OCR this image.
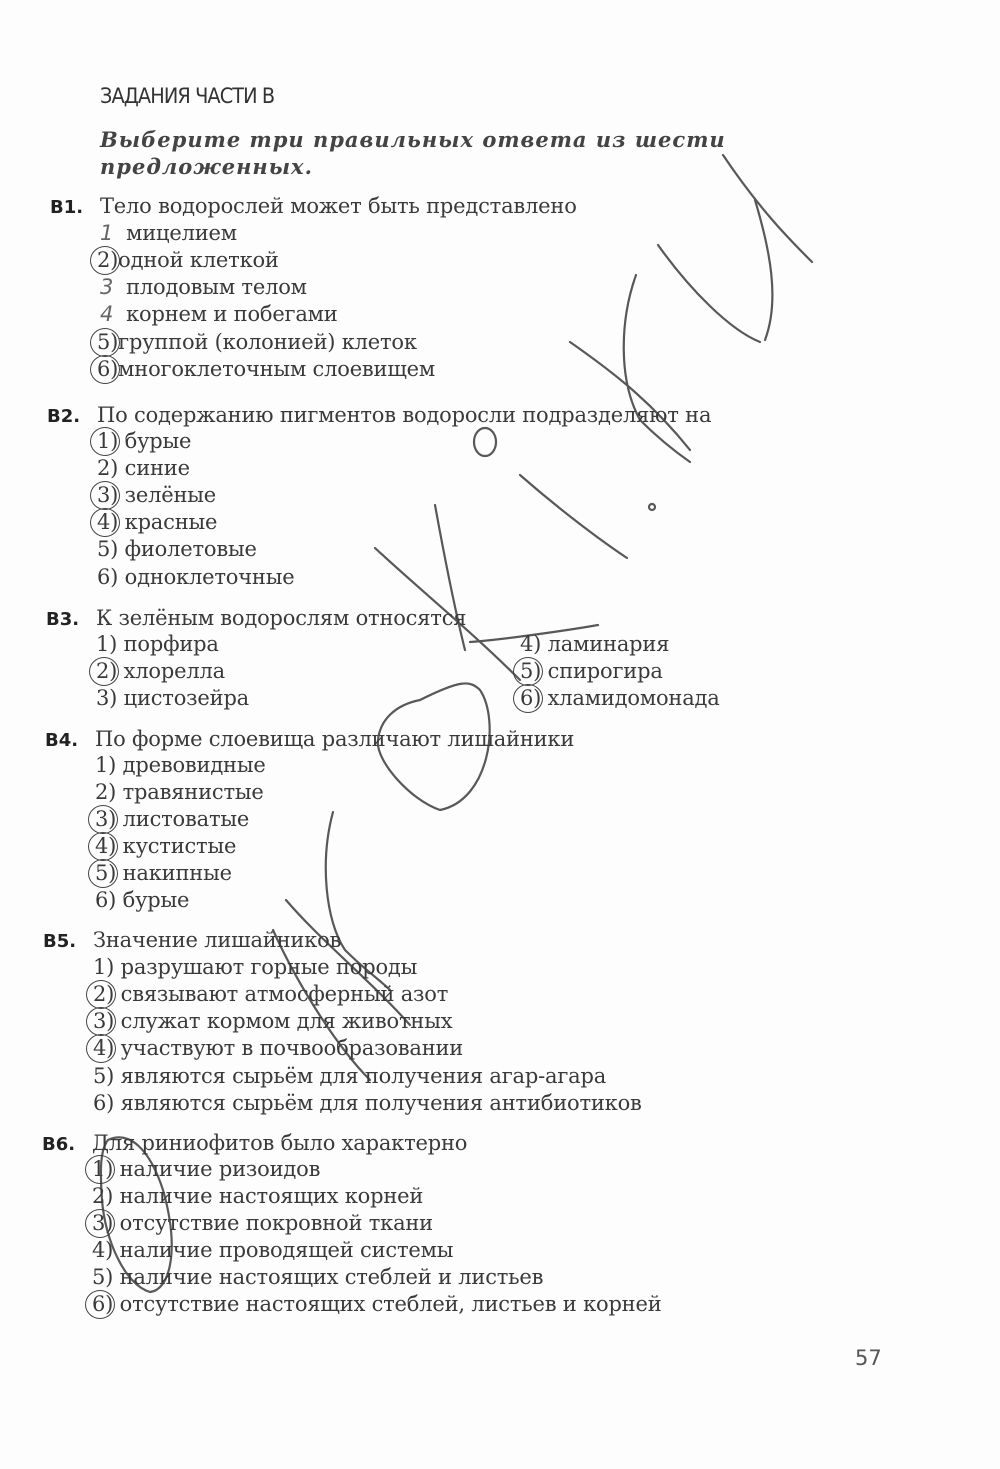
ЗАДАНИЯ ЧАСТИ В
Выберите три правильных ответа из шести предложенных.
B1. Тело водорослей может быть представлено
1 мицелием
2)одной клеткой
3 плодовым телом
4 корнем и побегами
5)группой (колонией) клеток
6)многоклеточным слоевищем
B2. По содержанию пигментов водоросли подразделяют на
1) бурые
2) синие
3) зелёные
4) красные
5) фиолетовые
6) одноклеточные
B3. К зелёным водорослям относятся
1) порфира
2) хлорелла
3) цистозейра
4) ламинария
5) спирогира
6) хламидомонада
B4. По форме слоевища различают лишайники
1) древовидные
2) травянистые
3) листоватые
4) кустистые
5) накипные
6) бурые
B5. Значение лишайников
1) разрушают горные породы
2) связывают атмосферный азот
3) служат кормом для животных
4) участвуют в почвообразовании
5) являются сырьём для получения агар-агара
6) являются сырьём для получения антибиотиков
B6. Для риниофитов было характерно
1) наличие ризоидов
2) наличие настоящих корней
3) отсутствие покровной ткани
4) наличие проводящей системы
5) наличие настоящих стеблей и листьев
6) отсутствие настоящих стеблей, листьев и корней
57
